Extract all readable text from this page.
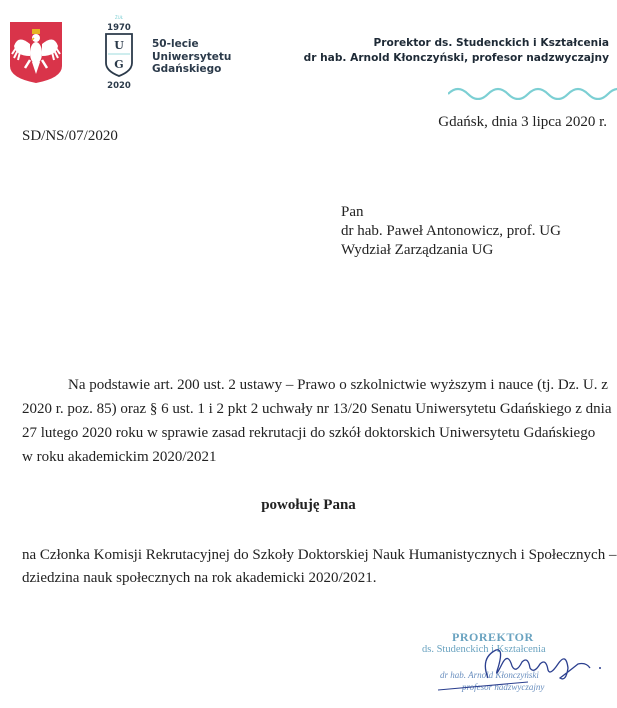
ŻUŁ
1970
U
G
2020
50-lecie
Uniwersytetu
Gdańskiego
Prorektor ds. Studenckich i Kształcenia
dr hab. Arnold Kłonczyński, profesor nadzwyczajny
Gdańsk, dnia 3 lipca 2020 r.
SD/NS/07/2020
Pan
dr hab. Paweł Antonowicz, prof. UG
Wydział Zarządzania UG
Na podstawie art. 200 ust. 2 ustawy – Prawo o szkolnictwie wyższym i nauce (tj. Dz. U. z
2020 r. poz. 85) oraz § 6 ust. 1 i 2 pkt 2 uchwały nr 13/20 Senatu Uniwersytetu Gdańskiego z dnia
27 lutego 2020 roku w sprawie zasad rekrutacji do szkół doktorskich Uniwersytetu Gdańskiego
w roku akademickim 2020/2021
powołuję Pana
na Członka Komisji Rekrutacyjnej do Szkoły Doktorskiej Nauk Humanistycznych i Społecznych –
dziedzina nauk społecznych na rok akademicki 2020/2021.
PROREKTOR
ds. Studenckich i Kształcenia
dr hab. Arnold Kłonczyński
profesor nadzwyczajny
